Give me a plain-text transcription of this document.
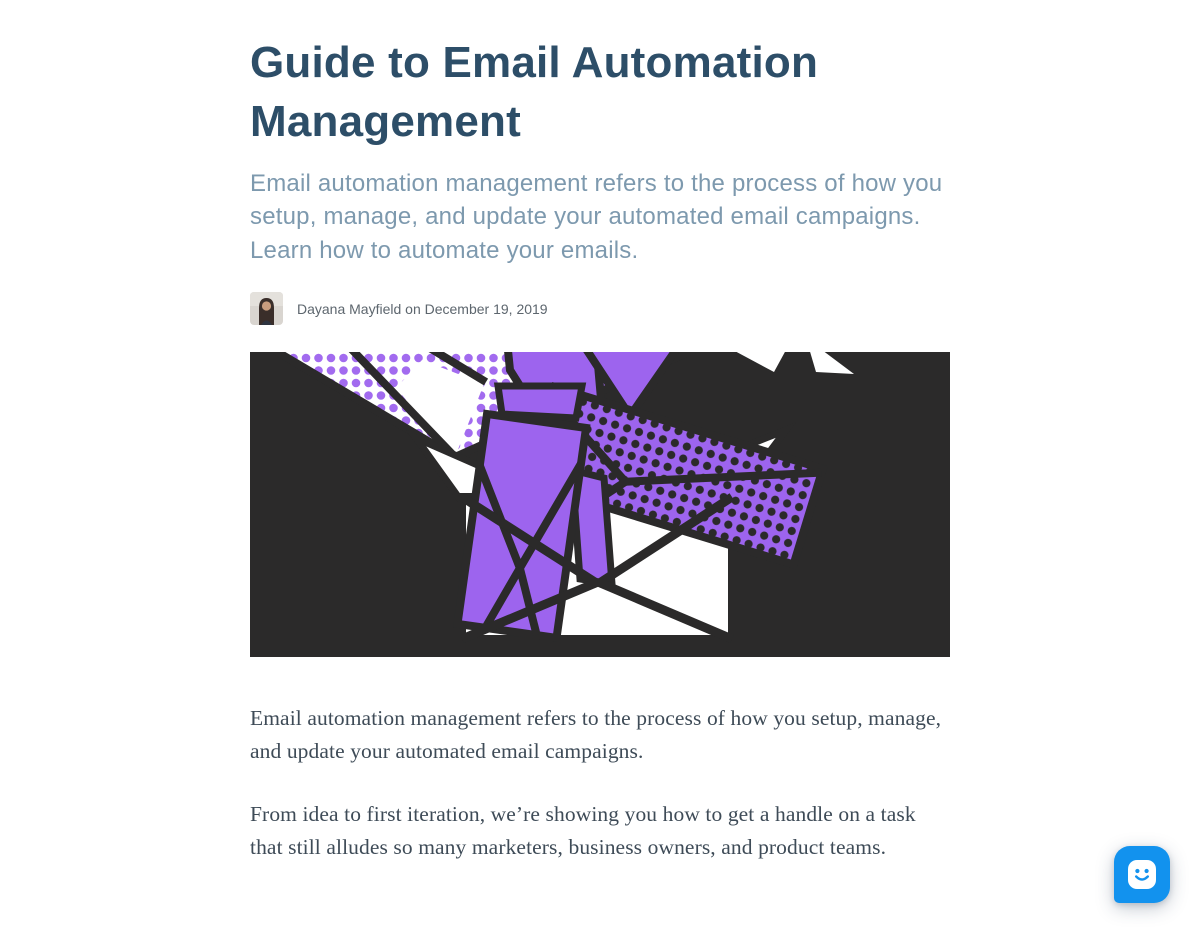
Guide to Email Automation Management

Email automation management refers to the process of how you setup, manage, and update your automated email campaigns. Learn how to automate your emails.

Dayana Mayfield on December 19, 2019

Email automation management refers to the process of how you setup, manage, and update your automated email campaigns.

From idea to first iteration, we’re showing you how to get a handle on a task that still alludes so many marketers, business owners, and product teams.
